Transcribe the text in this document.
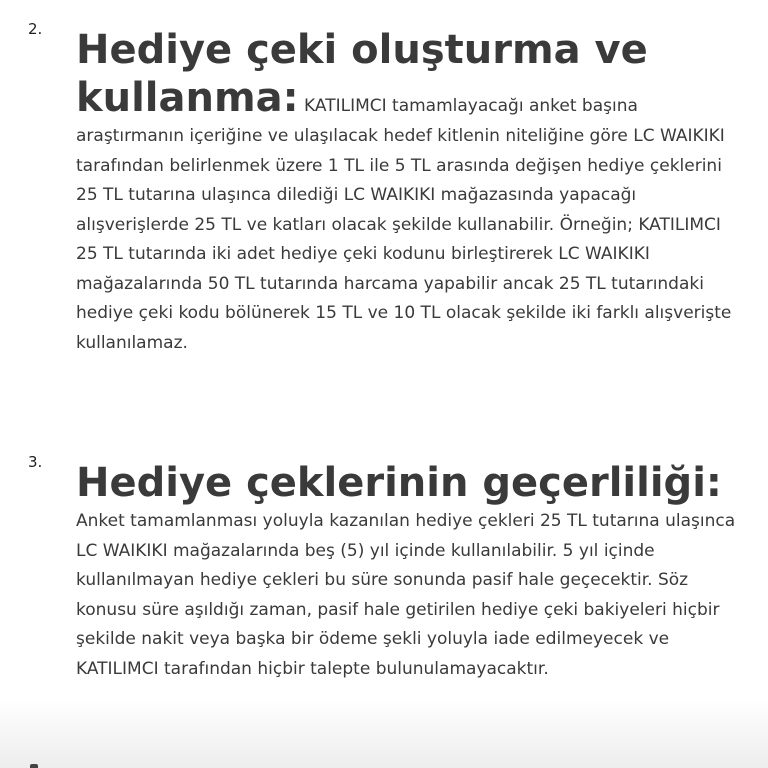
2. Hediye çeki oluşturma ve kullanma: KATILIMCI tamamlayacağı anket başına araştırmanın içeriğine ve ulaşılacak hedef kitlenin niteliğine göre LC WAIKIKI tarafından belirlenmek üzere 1 TL ile 5 TL arasında değişen hediye çeklerini 25 TL tutarına ulaşınca dilediği LC WAIKIKI mağazasında yapacağı alışverişlerde 25 TL ve katları olacak şekilde kullanabilir. Örneğin; KATILIMCI 25 TL tutarında iki adet hediye çeki kodunu birleştirerek LC WAIKIKI mağazalarında 50 TL tutarında harcama yapabilir ancak 25 TL tutarındaki hediye çeki kodu bölünerek 15 TL ve 10 TL olacak şekilde iki farklı alışverişte kullanılamaz.

3. Hediye çeklerinin geçerliliği: Anket tamamlanması yoluyla kazanılan hediye çekleri 25 TL tutarına ulaşınca LC WAIKIKI mağazalarında beş (5) yıl içinde kullanılabilir. 5 yıl içinde kullanılmayan hediye çekleri bu süre sonunda pasif hale geçecektir. Söz konusu süre aşıldığı zaman, pasif hale getirilen hediye çeki bakiyeleri hiçbir şekilde nakit veya başka bir ödeme şekli yoluyla iade edilmeyecek ve KATILIMCI tarafından hiçbir talepte bulunulamayacaktır.
